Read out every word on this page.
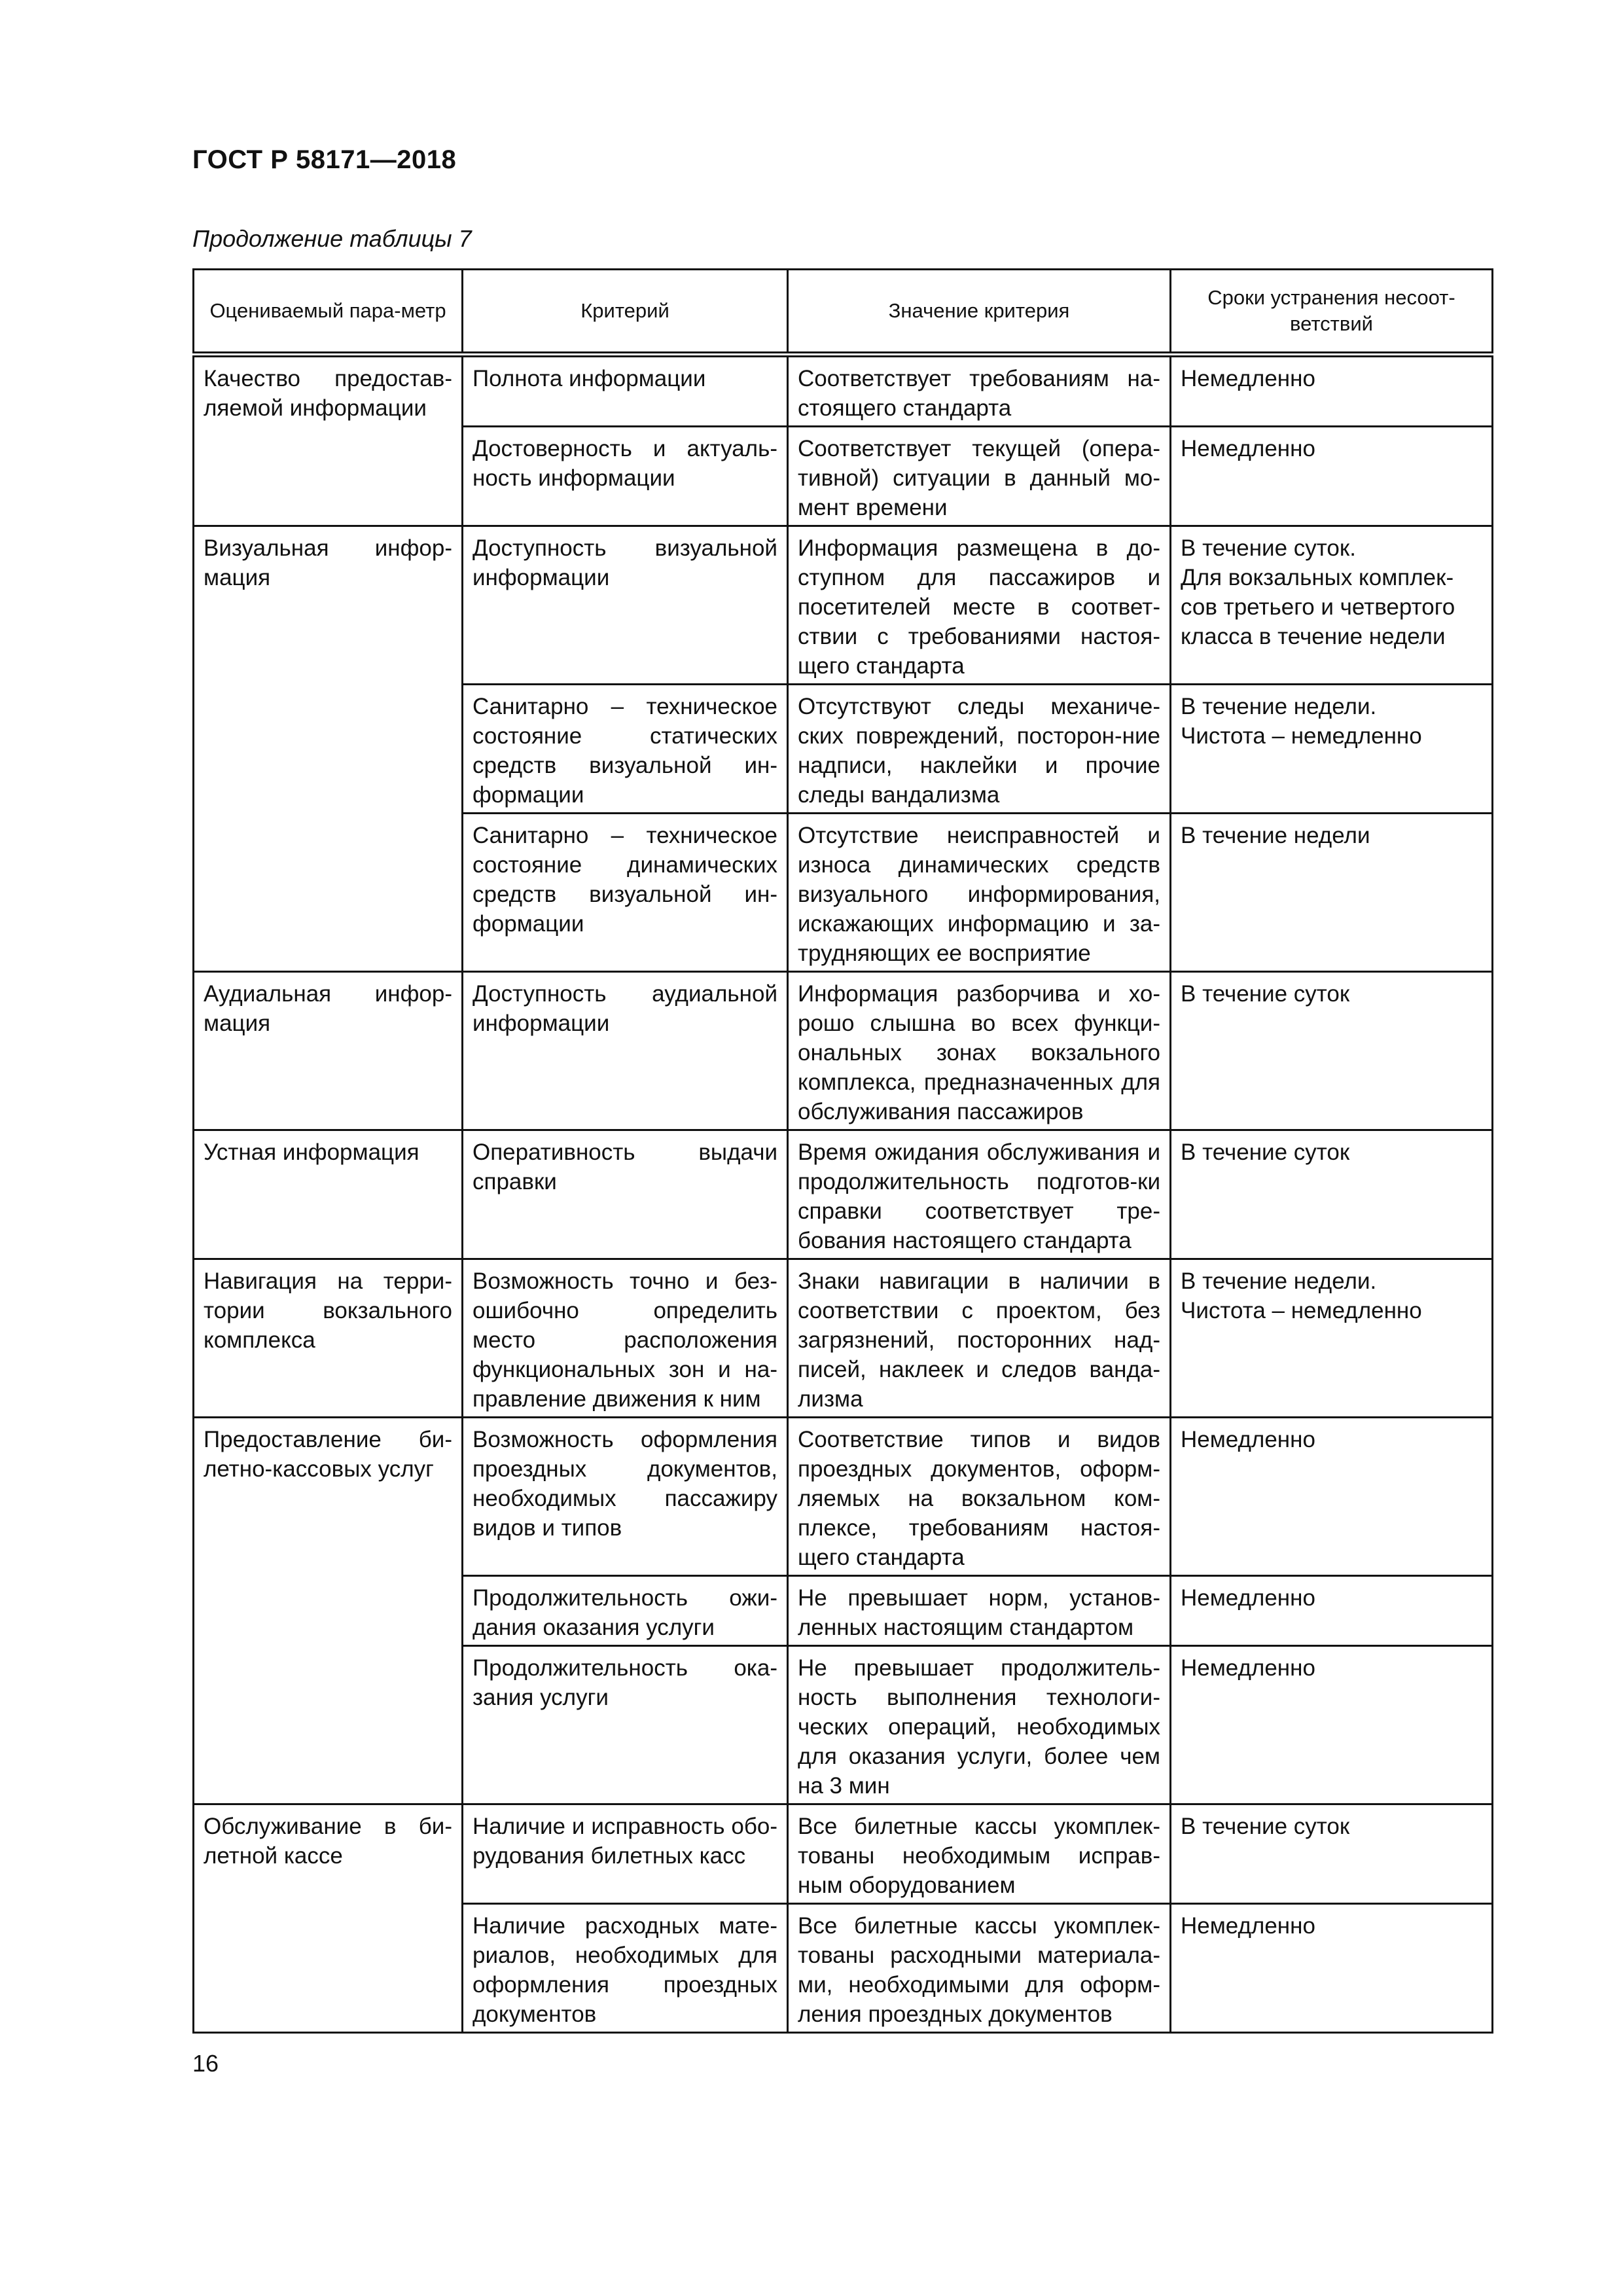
ГОСТ Р 58171—2018
Продолжение таблицы 7
Оцениваемый пара-метр	Критерий	Значение критерия	Сроки устранения несоот-ветствий
Качество предостав-ляемой информации	Полнота информации	Соответствует требованиям на-стоящего стандарта	Немедленно
	Достоверность и актуаль-ность информации	Соответствует текущей (опера-тивной) ситуации в данный мо-мент времени	Немедленно
Визуальная инфор-мация	Доступность визуальной информации	Информация размещена в до-ступном для пассажиров и посетителей месте в соответ-ствии с требованиями настоя-щего стандарта	В течение суток.
Для вокзальных комплек-сов третьего и четвертого класса в течение недели
	Санитарно – техническое состояние статических средств визуальной ин-формации	Отсутствуют следы механиче-ских повреждений, посторон-ние надписи, наклейки и прочие следы вандализма	В течение недели.
Чистота – немедленно
	Санитарно – техническое состояние динамических средств визуальной ин-формации	Отсутствие неисправностей и износа динамических средств визуального информирования, искажающих информацию и за-трудняющих ее восприятие	В течение недели
Аудиальная инфор-мация	Доступность аудиальной информации	Информация разборчива и хо-рошо слышна во всех функци-ональных зонах вокзального комплекса, предназначенных для обслуживания пассажиров	В течение суток
Устная информация	Оперативность выдачи справки	Время ожидания обслуживания и продолжительность подготов-ки справки соответствует тре-бования настоящего стандарта	В течение суток
Навигация на терри-тории вокзального комплекса	Возможность точно и без-ошибочно определить место расположения функциональных зон и на-правление движения к ним	Знаки навигации в наличии в соответствии с проектом, без загрязнений, посторонних над-писей, наклеек и следов ванда-лизма	В течение недели.
Чистота – немедленно
Предоставление би-летно-кассовых услуг	Возможность оформления проездных документов, необходимых пассажиру видов и типов	Соответствие типов и видов проездных документов, оформ-ляемых на вокзальном ком-плексе, требованиям настоя-щего стандарта	Немедленно
	Продолжительность ожи-дания оказания услуги	Не превышает норм, установ-ленных настоящим стандартом	Немедленно
	Продолжительность ока-зания услуги	Не превышает продолжитель-ность выполнения технологи-ческих операций, необходимых для оказания услуги, более чем на 3 мин	Немедленно
Обслуживание в би-летной кассе	Наличие и исправность обо-рудования билетных касс	Все билетные кассы укомплек-тованы необходимым исправ-ным оборудованием	В течение суток
	Наличие расходных мате-риалов, необходимых для оформления проездных документов	Все билетные кассы укомплек-тованы расходными материала-ми, необходимыми для оформ-ления проездных документов	Немедленно
16
